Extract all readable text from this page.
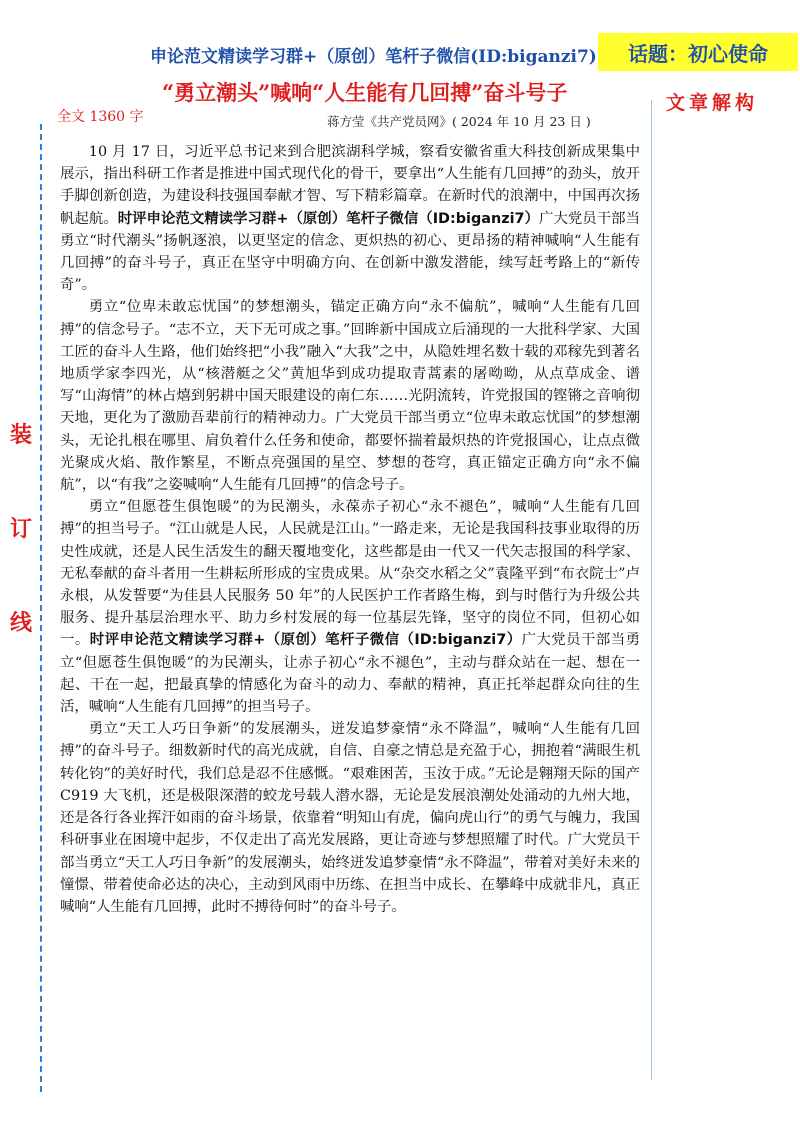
申论范文精读学习群+（原创）笔杆子微信(ID:biganzi7)	话题：初心使命
“勇立潮头”喊响“人生能有几回搏”奋斗号子	文章解构
全文 1360 字	蒋方莹《共产党员网》( 2024 年 10 月 23 日 )
装
订
线

10 月 17 日，习近平总书记来到合肥滨湖科学城，察看安徽省重大科技创新成果集中展示，指出科研工作者是推进中国式现代化的骨干，要拿出“人生能有几回搏”的劲头，放开手脚创新创造，为建设科技强国奉献才智、写下精彩篇章。在新时代的浪潮中，中国再次扬帆起航。时评申论范文精读学习群+（原创）笔杆子微信（ID:biganzi7）广大党员干部当勇立“时代潮头”扬帆逐浪，以更坚定的信念、更炽热的初心、更昂扬的精神喊响“人生能有几回搏”的奋斗号子，真正在坚守中明确方向、在创新中激发潜能，续写赶考路上的“新传奇”。

勇立“位卑未敢忘忧国”的梦想潮头，锚定正确方向“永不偏航”，喊响“人生能有几回搏”的信念号子。“志不立，天下无可成之事。”回眸新中国成立后涌现的一大批科学家、大国工匠的奋斗人生路，他们始终把“小我”融入“大我”之中，从隐姓埋名数十载的邓稼先到著名地质学家李四光，从“核潜艇之父”黄旭华到成功提取青蒿素的屠呦呦，从点草成金、谱写“山海情”的林占熺到躬耕中国天眼建设的南仁东……光阴流转，许党报国的铿锵之音响彻天地，更化为了激励吾辈前行的精神动力。广大党员干部当勇立“位卑未敢忘忧国”的梦想潮头，无论扎根在哪里、肩负着什么任务和使命，都要怀揣着最炽热的许党报国心，让点点微光聚成火焰、散作繁星，不断点亮强国的星空、梦想的苍穹，真正锚定正确方向“永不偏航”，以“有我”之姿喊响“人生能有几回搏”的信念号子。

勇立“但愿苍生俱饱暖”的为民潮头，永葆赤子初心“永不褪色”，喊响“人生能有几回搏”的担当号子。“江山就是人民，人民就是江山。”一路走来，无论是我国科技事业取得的历史性成就，还是人民生活发生的翻天覆地变化，这些都是由一代又一代矢志报国的科学家、无私奉献的奋斗者用一生耕耘所形成的宝贵成果。从“杂交水稻之父”袁隆平到“布衣院士”卢永根，从发誓要“为佳县人民服务 50 年”的人民医护工作者路生梅，到与时偕行为升级公共服务、提升基层治理水平、助力乡村发展的每一位基层先锋，坚守的岗位不同，但初心如一。时评申论范文精读学习群+（原创）笔杆子微信（ID:biganzi7）广大党员干部当勇立“但愿苍生俱饱暖”的为民潮头，让赤子初心“永不褪色”，主动与群众站在一起、想在一起、干在一起，把最真挚的情感化为奋斗的动力、奉献的精神，真正托举起群众向往的生活，喊响“人生能有几回搏”的担当号子。

勇立“天工人巧日争新”的发展潮头，迸发追梦豪情“永不降温”，喊响“人生能有几回搏”的奋斗号子。细数新时代的高光成就，自信、自豪之情总是充盈于心，拥抱着“满眼生机转化钧”的美好时代，我们总是忍不住感慨。“艰难困苦，玉汝于成。”无论是翱翔天际的国产 C919 大飞机，还是极限深潜的蛟龙号载人潜水器，无论是发展浪潮处处涌动的九州大地，还是各行各业挥汗如雨的奋斗场景，依靠着“明知山有虎，偏向虎山行”的勇气与魄力，我国科研事业在困境中起步，不仅走出了高光发展路，更让奇迹与梦想照耀了时代。广大党员干部当勇立“天工人巧日争新”的发展潮头，始终迸发追梦豪情“永不降温”，带着对美好未来的憧憬、带着使命必达的决心，主动到风雨中历练、在担当中成长、在攀峰中成就非凡，真正喊响“人生能有几回搏，此时不搏待何时”的奋斗号子。
